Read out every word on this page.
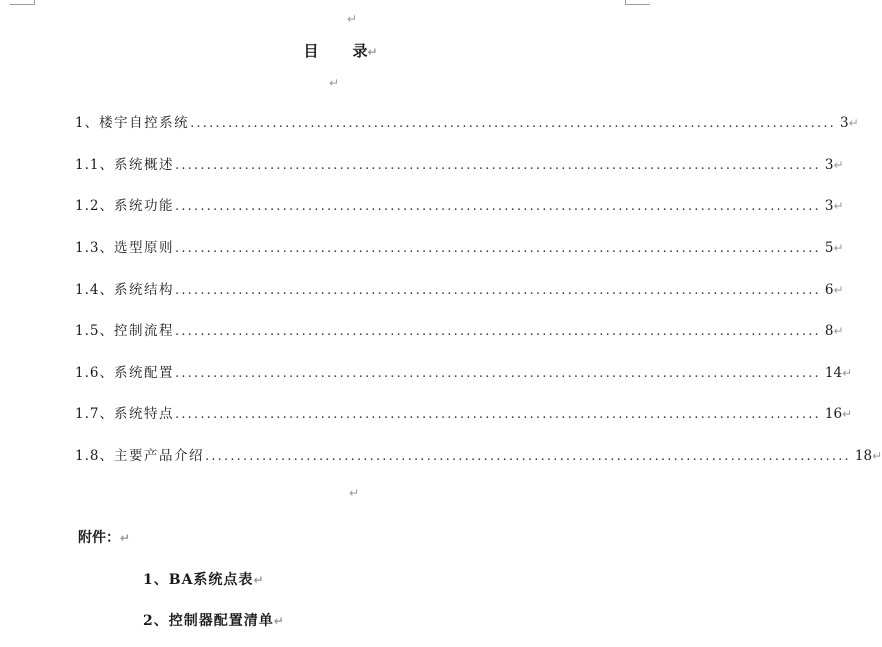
↵
目 录↵
↵
1、 楼宇自控系统 ...................................................................................................... 3 ↵
1.1、 系统概述 ...................................................................................................... 3 ↵
1.2、 系统功能 ...................................................................................................... 3 ↵
1.3、 选型原则 ...................................................................................................... 5 ↵
1.4、 系统结构 ...................................................................................................... 6 ↵
1.5、 控制流程 ...................................................................................................... 8 ↵
1.6、 系统配置 ...................................................................................................... 14 ↵
1.7、 系统特点 ...................................................................................................... 16 ↵
1.8、 主要产品介绍 ...................................................................................................... 18 ↵
↵
附件：↵
1、BA系统点表↵
2、控制器配置清单↵
